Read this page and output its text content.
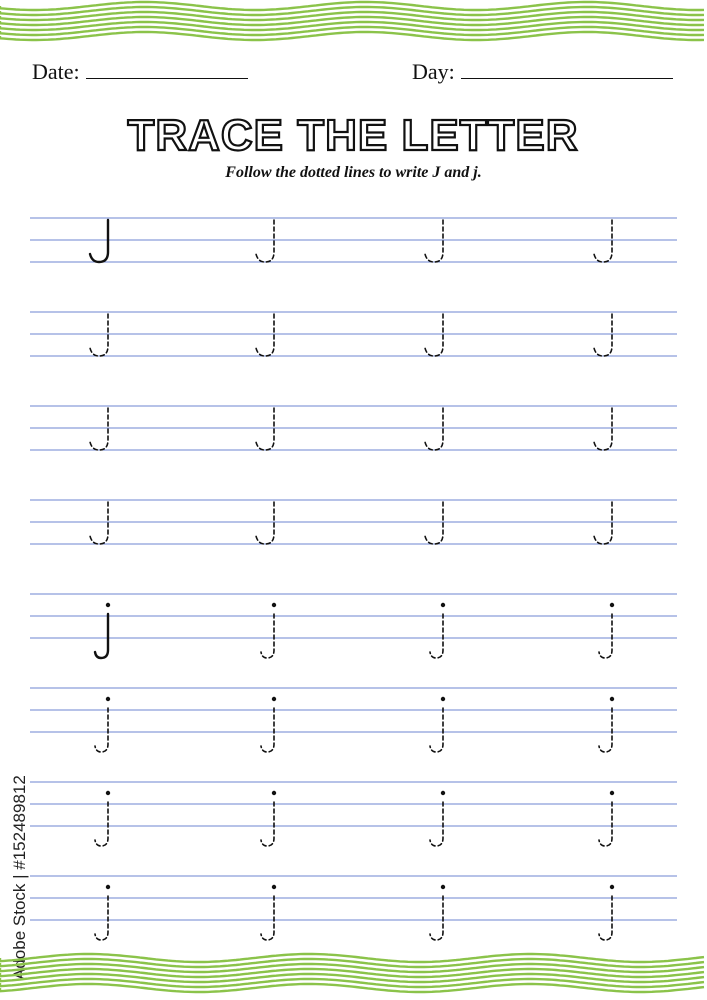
Date:	Day:
TRACE THE LETTER
Follow the dotted lines to write J and j.
Adobe Stock | #152489812
